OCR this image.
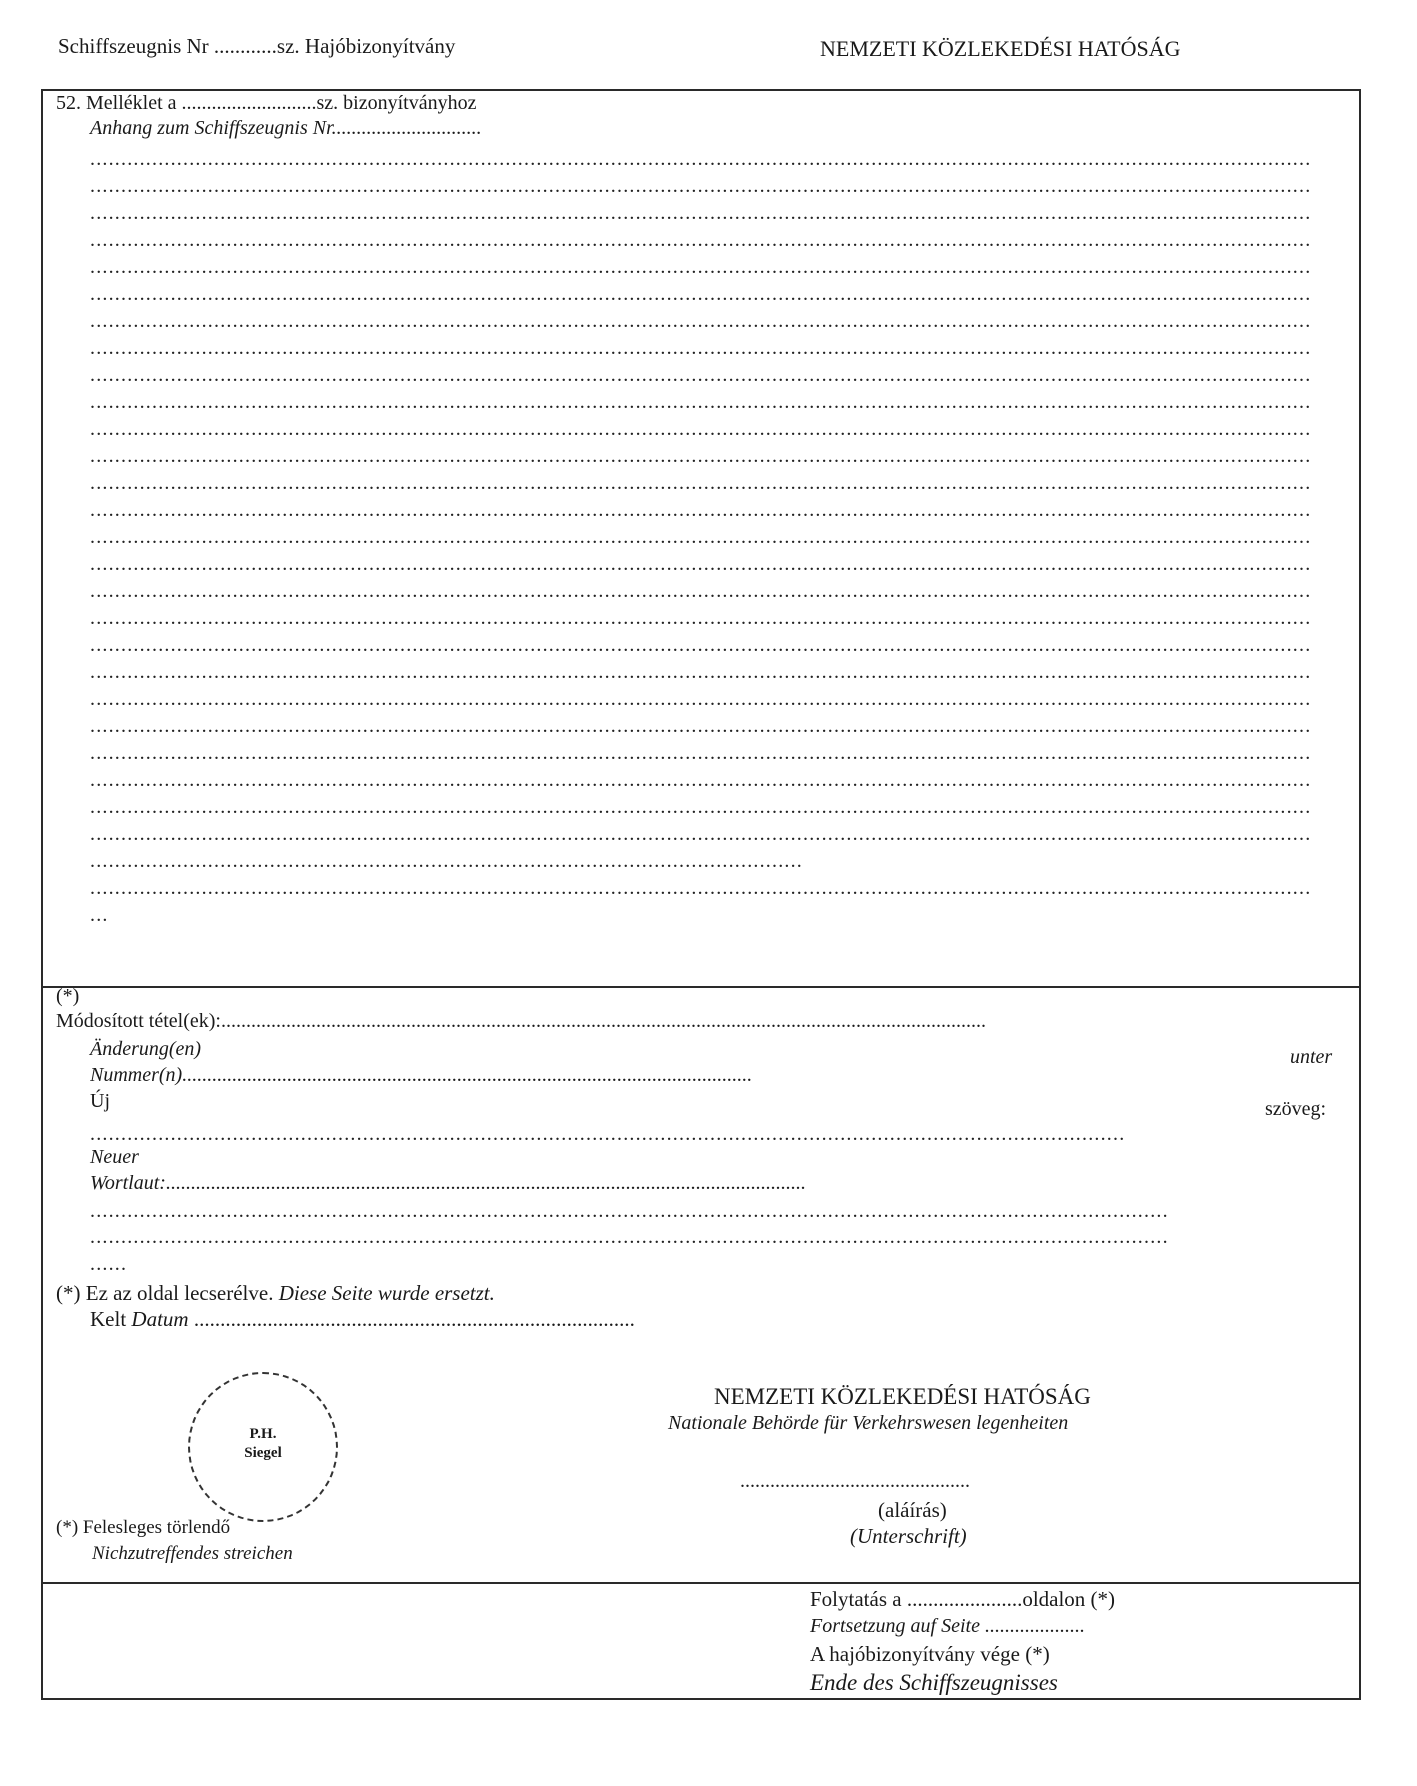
Schiffszeugnis Nr ............sz. Hajóbizonyítvány	NEMZETI KÖZLEKEDÉSI HATÓSÁG
52. Melléklet a ...........................sz. bizonyítványhoz
Anhang zum Schiffszeugnis Nr..............................
.....................................................................................................................................................................................................
.....................................................................................................................................................................................................
.....................................................................................................................................................................................................
.....................................................................................................................................................................................................
.....................................................................................................................................................................................................
.....................................................................................................................................................................................................
.....................................................................................................................................................................................................
.....................................................................................................................................................................................................
.....................................................................................................................................................................................................
.....................................................................................................................................................................................................
.....................................................................................................................................................................................................
.....................................................................................................................................................................................................
.....................................................................................................................................................................................................
.....................................................................................................................................................................................................
.....................................................................................................................................................................................................
.....................................................................................................................................................................................................
.....................................................................................................................................................................................................
.....................................................................................................................................................................................................
.....................................................................................................................................................................................................
.....................................................................................................................................................................................................
.....................................................................................................................................................................................................
.....................................................................................................................................................................................................
.....................................................................................................................................................................................................
.....................................................................................................................................................................................................
.....................................................................................................................................................................................................
.....................................................................................................................................................................................................
...................................................................................................................
.....................................................................................................................................................................................................
...
(*)
Módosított tétel(ek):.........................................................................................................................................................
Änderung(en)	unter
Nummer(n)..................................................................................................................
Új	szöveg:
.......................................................................................................................................................................
Neuer
Wortlaut:................................................................................................................................
..............................................................................................................................................................................
..............................................................................................................................................................................
......
(*) Ez az oldal lecserélve. Diese Seite wurde ersetzt.
Kelt Datum ....................................................................................
P.H.
Siegel
NEMZETI KÖZLEKEDÉSI HATÓSÁG
Nationale Behörde für Verkehrswesen legenheiten
..............................................
(aláírás)
(Unterschrift)
(*) Felesleges törlendő
Nichzutreffendes streichen
Folytatás a ......................oldalon (*)
Fortsetzung auf Seite ....................
A hajóbizonyítvány vége (*)
Ende des Schiffszeugnisses
